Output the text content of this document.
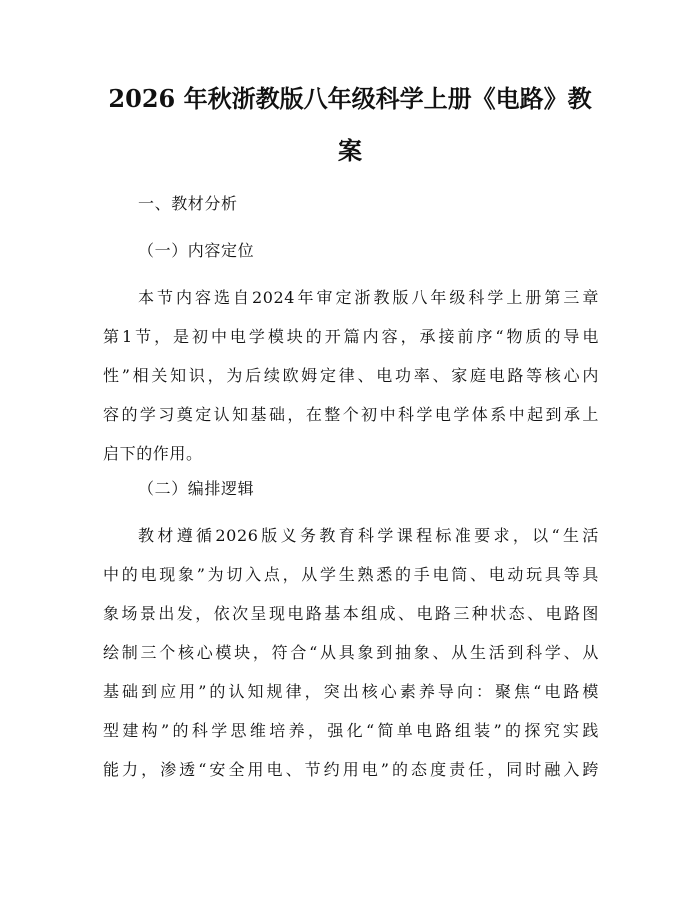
2026 年秋浙教版八年级科学上册《电路》教
案
一、教材分析
（一）内容定位
本节内容选自2024年审定浙教版八年级科学上册第三章
第1节，是初中电学模块的开篇内容，承接前序“物质的导电
性”相关知识，为后续欧姆定律、电功率、家庭电路等核心内
容的学习奠定认知基础，在整个初中科学电学体系中起到承上
启下的作用。
（二）编排逻辑
教材遵循2026版义务教育科学课程标准要求，以“生活
中的电现象”为切入点，从学生熟悉的手电筒、电动玩具等具
象场景出发，依次呈现电路基本组成、电路三种状态、电路图
绘制三个核心模块，符合“从具象到抽象、从生活到科学、从
基础到应用”的认知规律，突出核心素养导向：聚焦“电路模
型建构”的科学思维培养，强化“简单电路组装”的探究实践
能力，渗透“安全用电、节约用电”的态度责任，同时融入跨
